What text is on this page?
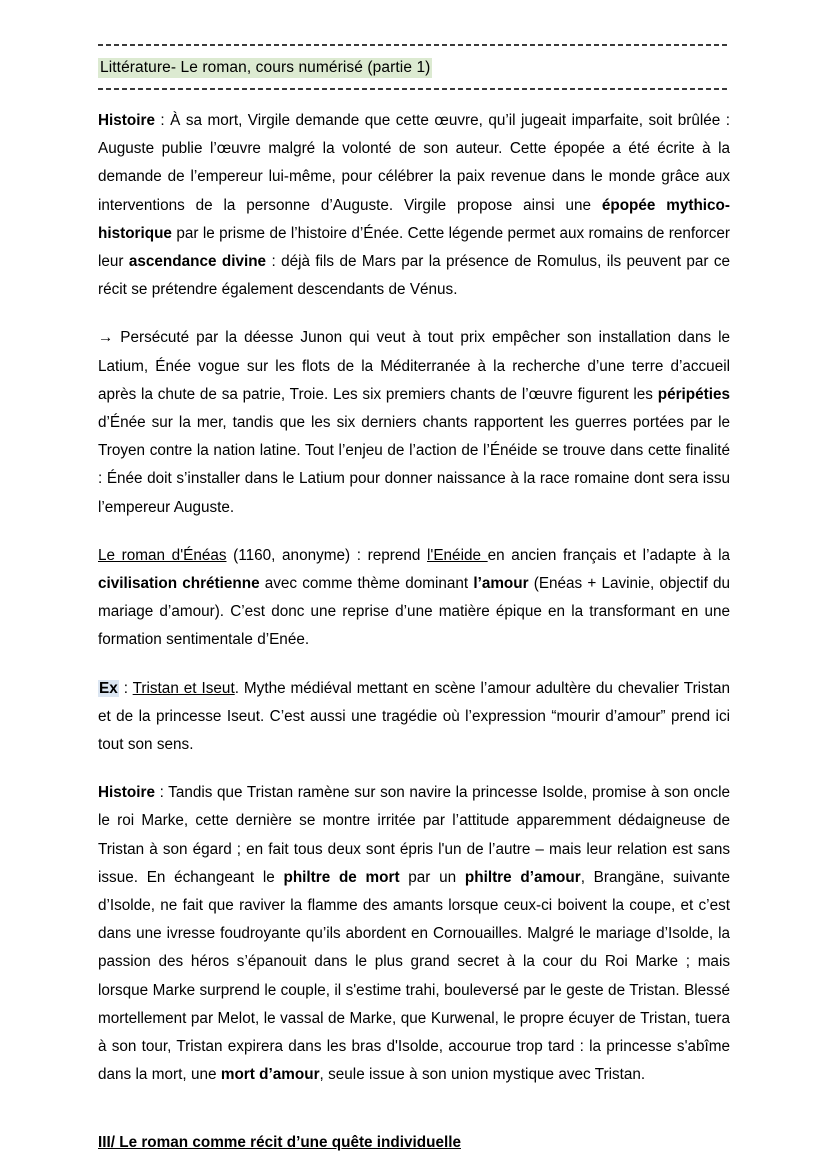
Littérature- Le roman, cours numérisé (partie 1)

Histoire : À sa mort, Virgile demande que cette œuvre, qu’il jugeait imparfaite, soit brûlée : Auguste publie l’œuvre malgré la volonté de son auteur. Cette épopée a été écrite à la demande de l’empereur lui-même, pour célébrer la paix revenue dans le monde grâce aux interventions de la personne d’Auguste. Virgile propose ainsi une épopée mythico-historique par le prisme de l’histoire d’Énée. Cette légende permet aux romains de renforcer leur ascendance divine : déjà fils de Mars par la présence de Romulus, ils peuvent par ce récit se prétendre également descendants de Vénus.

→ Persécuté par la déesse Junon qui veut à tout prix empêcher son installation dans le Latium, Énée vogue sur les flots de la Méditerranée à la recherche d’une terre d’accueil après la chute de sa patrie, Troie. Les six premiers chants de l’œuvre figurent les péripéties d’Énée sur la mer, tandis que les six derniers chants rapportent les guerres portées par le Troyen contre la nation latine. Tout l’enjeu de l’action de l’Énéide se trouve dans cette finalité : Énée doit s’installer dans le Latium pour donner naissance à la race romaine dont sera issu l’empereur Auguste.

Le roman d'Énéas (1160, anonyme) : reprend l'Enéide en ancien français et l’adapte à la civilisation chrétienne avec comme thème dominant l’amour (Enéas + Lavinie, objectif du mariage d’amour). C’est donc une reprise d’une matière épique en la transformant en une formation sentimentale d’Enée.

Ex : Tristan et Iseut. Mythe médiéval mettant en scène l’amour adultère du chevalier Tristan et de la princesse Iseut. C’est aussi une tragédie où l’expression “mourir d’amour” prend ici tout son sens.

Histoire : Tandis que Tristan ramène sur son navire la princesse Isolde, promise à son oncle le roi Marke, cette dernière se montre irritée par l’attitude apparemment dédaigneuse de Tristan à son égard ; en fait tous deux sont épris l'un de l’autre – mais leur relation est sans issue. En échangeant le philtre de mort par un philtre d’amour, Brangäne, suivante d’Isolde, ne fait que raviver la flamme des amants lorsque ceux-ci boivent la coupe, et c’est dans une ivresse foudroyante qu’ils abordent en Cornouailles. Malgré le mariage d’Isolde, la passion des héros s’épanouit dans le plus grand secret à la cour du Roi Marke ; mais lorsque Marke surprend le couple, il s'estime trahi, bouleversé par le geste de Tristan. Blessé mortellement par Melot, le vassal de Marke, que Kurwenal, le propre écuyer de Tristan, tuera à son tour, Tristan expirera dans les bras d'Isolde, accourue trop tard : la princesse s'abîme dans la mort, une mort d’amour, seule issue à son union mystique avec Tristan.

III/ Le roman comme récit d’une quête individuelle
